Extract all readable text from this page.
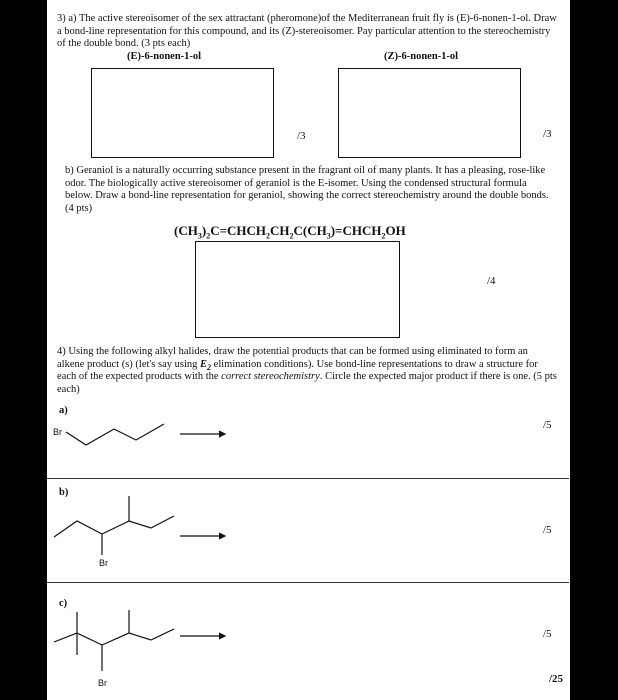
3) a) The active stereoisomer of the sex attractant (pheromone)of the Mediterranean fruit fly is (E)-6-nonen-1-ol. Draw a bond-line representation for this compound, and its (Z)-stereoisomer. Pay particular attention to the stereochemistry of the double bond. (3 pts each)
(E)-6-nonen-1-ol	(Z)-6-nonen-1-ol
/3	/3
b) Geraniol is a naturally occurring substance present in the fragrant oil of many plants. It has a pleasing, rose-like odor. The biologically active stereoisomer of geraniol is the E-isomer. Using the condensed structural formula below. Draw a bond-line representation for geraniol, showing the correct stereochemistry around the double bonds. (4 pts)
$(CH_3)_2C=CHCH_2CH_2C(CH_3)=CHCH_2OH$
/4
4) Using the following alkyl halides, draw the potential products that can be formed using eliminated to form an alkene product (s) (let's say using $E_2$ elimination conditions). Use bond-line representations to draw a structure for each of the expected products with the correct stereochemistry. Circle the expected major product if there is one. (5 pts each)
a)
Br
/5
b)
Br
/5
c)
Br
/5
/25
